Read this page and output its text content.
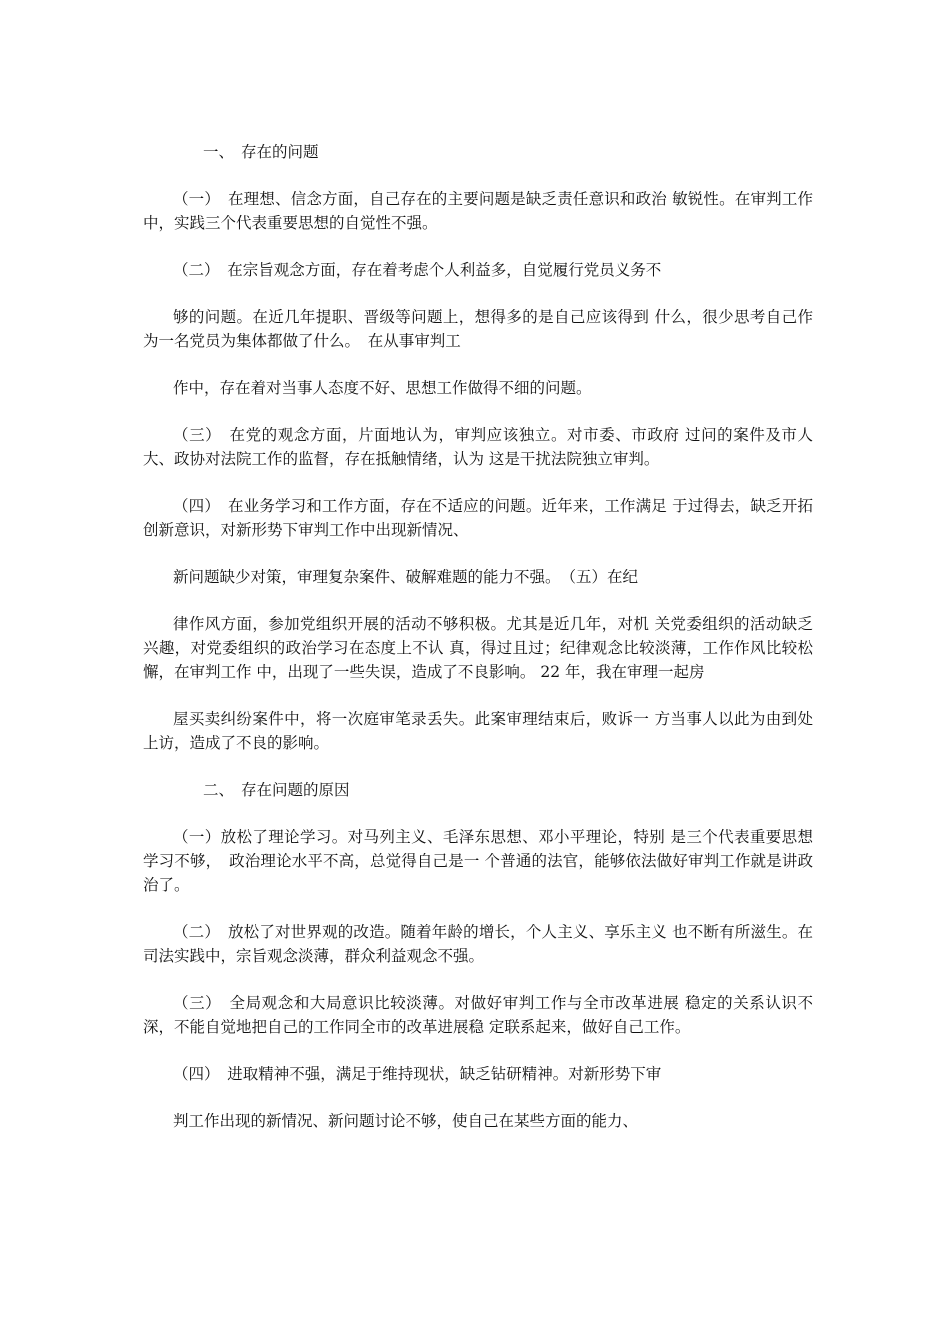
一、 存在的问题

（一）　在理想、信念方面，自己存在的主要问题是缺乏责任意识和政治 敏锐性。在审判工作中，实践三个代表重要思想的自觉性不强。

（二）　在宗旨观念方面，存在着考虑个人利益多，自觉履行党员义务不

够的问题。在近几年提职、晋级等问题上，想得多的是自己应该得到 什么，很少思考自己作为一名党员为集体都做了什么。　在从事审判工

作中，存在着对当事人态度不好、思想工作做得不细的问题。

（三）　在党的观念方面，片面地认为，审判应该独立。对市委、市政府 过问的案件及市人大、政协对法院工作的监督，存在抵触情绪，认为 这是干扰法院独立审判。

（四）　在业务学习和工作方面，存在不适应的问题。近年来，工作满足 于过得去，缺乏开拓创新意识，对新形势下审判工作中出现新情况、

新问题缺少对策，审理复杂案件、破解难题的能力不强。　（五）在纪

律作风方面，参加党组织开展的活动不够积极。尤其是近几年，对机 关党委组织的活动缺乏兴趣，对党委组织的政治学习在态度上不认 真，得过且过；纪律观念比较淡薄，工作作风比较松懈，在审判工作 中，出现了一些失误，造成了不良影响。 22 年，我在审理一起房

屋买卖纠纷案件中，将一次庭审笔录丢失。此案审理结束后，败诉一 方当事人以此为由到处上访，造成了不良的影响。

二、 存在问题的原因

（一）放松了理论学习。对马列主义、毛泽东思想、邓小平理论，特别 是三个代表重要思想学习不够，　政治理论水平不高，总觉得自己是一 个普通的法官，能够依法做好审判工作就是讲政治了。

（二）　放松了对世界观的改造。随着年龄的增长，个人主义、享乐主义 也不断有所滋生。在司法实践中，宗旨观念淡薄，群众利益观念不强。

（三）　全局观念和大局意识比较淡薄。对做好审判工作与全市改革进展 稳定的关系认识不深，不能自觉地把自己的工作同全市的改革进展稳 定联系起来，做好自己工作。

（四）　进取精神不强，满足于维持现状，缺乏钻研精神。对新形势下审

判工作出现的新情况、新问题讨论不够，使自己在某些方面的能力、
